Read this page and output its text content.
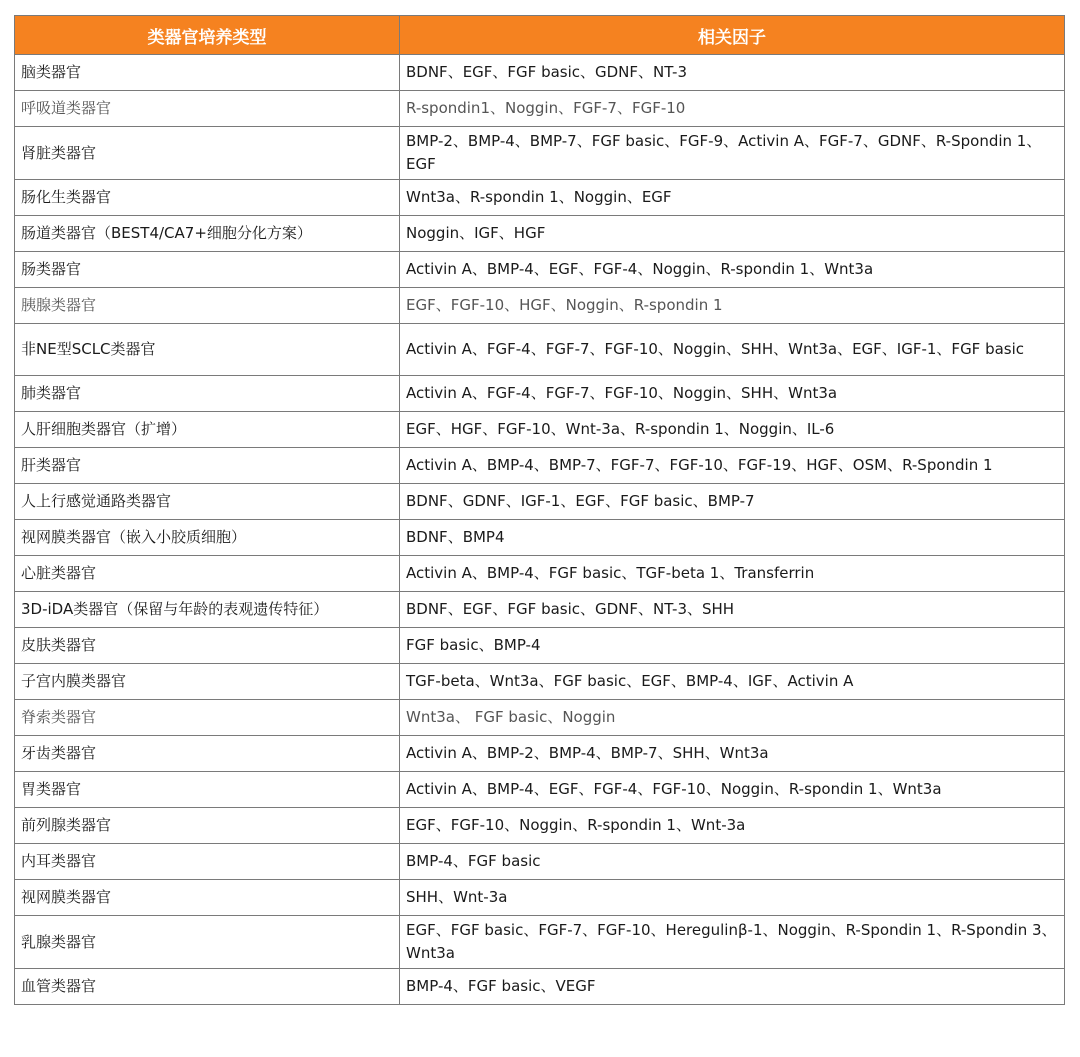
类器官培养类型	相关因子
脑类器官	BDNF、EGF、FGF basic、GDNF、NT-3
呼吸道类器官	R-spondin1、Noggin、FGF-7、FGF-10
肾脏类器官	BMP-2、BMP-4、BMP-7、FGF basic、FGF-9、Activin A、FGF-7、GDNF、R-Spondin 1、EGF
肠化生类器官	Wnt3a、R-spondin 1、Noggin、EGF
肠道类器官（BEST4/CA7+细胞分化方案）	Noggin、IGF、HGF
肠类器官	Activin A、BMP-4、EGF、FGF-4、Noggin、R-spondin 1、Wnt3a
胰腺类器官	EGF、FGF-10、HGF、Noggin、R-spondin 1
非NE型SCLC类器官	Activin A、FGF-4、FGF-7、FGF-10、Noggin、SHH、Wnt3a、EGF、IGF-1、FGF basic
肺类器官	Activin A、FGF-4、FGF-7、FGF-10、Noggin、SHH、Wnt3a
人肝细胞类器官（扩增）	EGF、HGF、FGF-10、Wnt-3a、R-spondin 1、Noggin、IL-6
肝类器官	Activin A、BMP-4、BMP-7、FGF-7、FGF-10、FGF-19、HGF、OSM、R-Spondin 1
人上行感觉通路类器官	BDNF、GDNF、IGF-1、EGF、FGF basic、BMP-7
视网膜类器官（嵌入小胶质细胞）	BDNF、BMP4
心脏类器官	Activin A、BMP-4、FGF basic、TGF-beta 1、Transferrin
3D-iDA类器官（保留与年龄的表观遗传特征）	BDNF、EGF、FGF basic、GDNF、NT-3、SHH
皮肤类器官	FGF basic、BMP-4
子宫内膜类器官	TGF-beta、Wnt3a、FGF basic、EGF、BMP-4、IGF、Activin A
脊索类器官	Wnt3a、 FGF basic、Noggin
牙齿类器官	Activin A、BMP-2、BMP-4、BMP-7、SHH、Wnt3a
胃类器官	Activin A、BMP-4、EGF、FGF-4、FGF-10、Noggin、R-spondin 1、Wnt3a
前列腺类器官	EGF、FGF-10、Noggin、R-spondin 1、Wnt-3a
内耳类器官	BMP-4、FGF basic
视网膜类器官	SHH、Wnt-3a
乳腺类器官	EGF、FGF basic、FGF-7、FGF-10、Heregulinβ-1、Noggin、R-Spondin 1、R-Spondin 3、Wnt3a
血管类器官	BMP-4、FGF basic、VEGF
